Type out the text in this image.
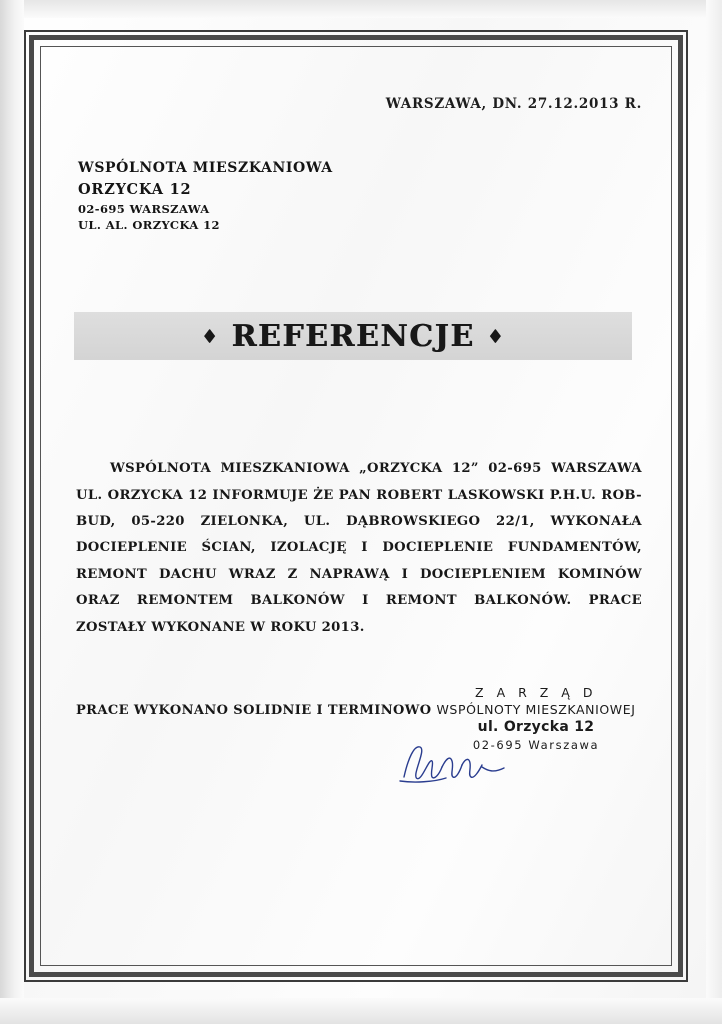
WARSZAWA, DN. 27.12.2013 R.
WSPÓLNOTA MIESZKANIOWA
ORZYCKA 12
02-695 WARSZAWA
UL. AL. ORZYCKA 12
♦ REFERENCJE ♦
WSPÓLNOTA MIESZKANIOWA „ORZYCKA 12” 02-695 WARSZAWA UL. ORZYCKA 12 INFORMUJE ŻE PAN ROBERT LASKOWSKI P.H.U. ROB-BUD, 05-220 ZIELONKA, UL. DĄBROWSKIEGO 22/1, WYKONAŁA DOCIEPLENIE ŚCIAN, IZOLACJĘ I DOCIEPLENIE FUNDAMENTÓW, REMONT DACHU WRAZ Z NAPRAWĄ I DOCIEPLENIEM KOMINÓW ORAZ REMONTEM BALKONÓW I REMONT BALKONÓW. PRACE ZOSTAŁY WYKONANE W ROKU 2013.
PRACE WYKONANO SOLIDNIE I TERMINOWO
Z A R Z Ą D
WSPÓLNOTY MIESZKANIOWEJ
ul. Orzycka 12
02-695 Warszawa
